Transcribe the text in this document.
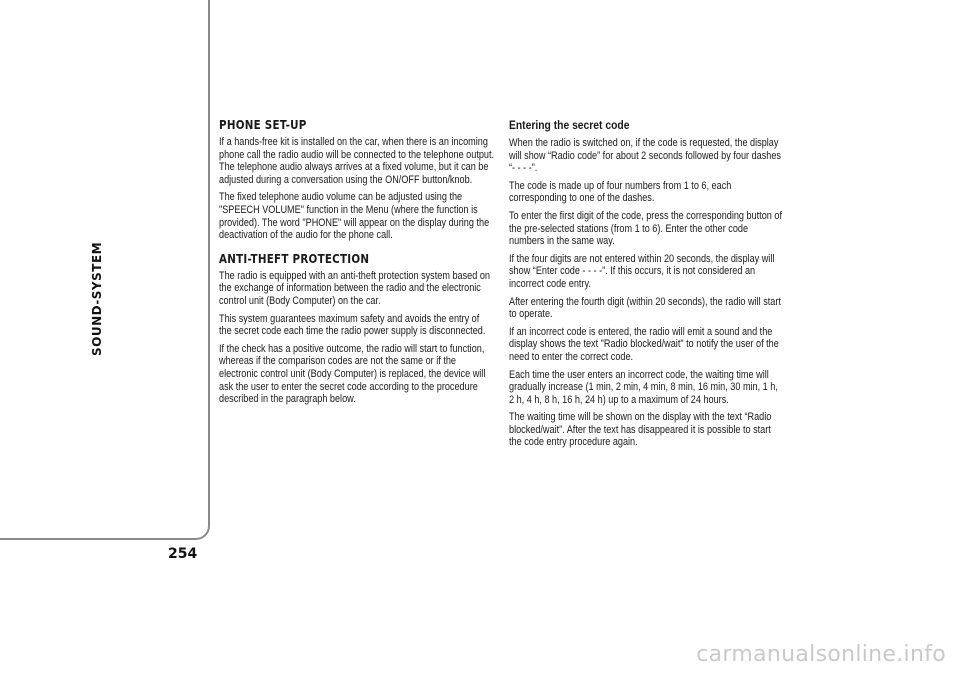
SOUND-SYSTEM
254
PHONE SET-UP

If a hands-free kit is installed on the car, when there is an incoming phone call the radio audio will be connected to the telephone output. The telephone audio always arrives at a fixed volume, but it can be adjusted during a conversation using the ON/OFF button/knob.

The fixed telephone audio volume can be adjusted using the "SPEECH VOLUME" function in the Menu (where the function is provided). The word "PHONE" will appear on the display during the deactivation of the audio for the phone call.

ANTI-THEFT PROTECTION

The radio is equipped with an anti-theft protection system based on the exchange of information between the radio and the electronic control unit (Body Computer) on the car.

This system guarantees maximum safety and avoids the entry of the secret code each time the radio power supply is disconnected.

If the check has a positive outcome, the radio will start to function, whereas if the comparison codes are not the same or if the electronic control unit (Body Computer) is replaced, the device will ask the user to enter the secret code according to the procedure described in the paragraph below.

Entering the secret code

When the radio is switched on, if the code is requested, the display will show “Radio code” for about 2 seconds followed by four dashes “- - - -”.

The code is made up of four numbers from 1 to 6, each corresponding to one of the dashes.

To enter the first digit of the code, press the corresponding button of the pre-selected stations (from 1 to 6). Enter the other code numbers in the same way.

If the four digits are not entered within 20 seconds, the display will show “Enter code - - - -”. If this occurs, it is not considered an incorrect code entry.

After entering the fourth digit (within 20 seconds), the radio will start to operate.

If an incorrect code is entered, the radio will emit a sound and the display shows the text "Radio blocked/wait" to notify the user of the need to enter the correct code.

Each time the user enters an incorrect code, the waiting time will gradually increase (1 min, 2 min, 4 min, 8 min, 16 min, 30 min, 1 h, 2 h, 4 h, 8 h, 16 h, 24 h) up to a maximum of 24 hours.

The waiting time will be shown on the display with the text “Radio blocked/wait”. After the text has disappeared it is possible to start the code entry procedure again.

carmanualsonline.info
